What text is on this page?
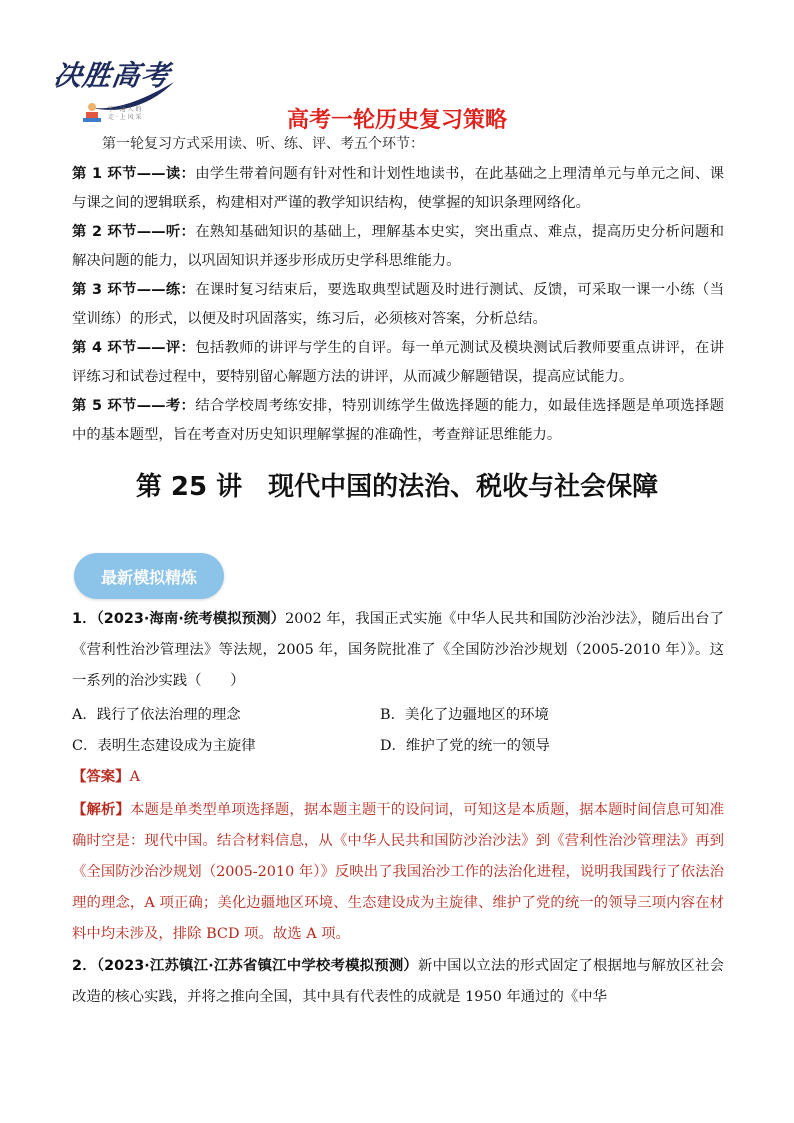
决胜高考
字 · 通 人 的
走 · 上 风 采	高考一轮历史复习策略
第一轮复习方式采用读、听、练、评、考五个环节：

第 1 环节——读：由学生带着问题有针对性和计划性地读书，在此基础之上理清单元与单元之间、课与课之间的逻辑联系，构建相对严谨的教学知识结构，使掌握的知识条理网络化。

第 2 环节——听：在熟知基础知识的基础上，理解基本史实，突出重点、难点，提高历史分析问题和解决问题的能力，以巩固知识并逐步形成历史学科思维能力。

第 3 环节——练：在课时复习结束后，要选取典型试题及时进行测试、反馈，可采取一课一小练（当堂训练）的形式，以便及时巩固落实，练习后，必须核对答案，分析总结。

第 4 环节——评：包括教师的讲评与学生的自评。每一单元测试及模块测试后教师要重点讲评，在讲评练习和试卷过程中，要特别留心解题方法的讲评，从而减少解题错误，提高应试能力。

第 5 环节——考：结合学校周考练安排，特别训练学生做选择题的能力，如最佳选择题是单项选择题中的基本题型，旨在考查对历史知识理解掌握的准确性，考查辩证思维能力。

第 25 讲　现代中国的法治、税收与社会保障
最新模拟精炼
1．（2023·海南·统考模拟预测）2002 年，我国正式实施《中华人民共和国防沙治沙法》，随后出台了《营利性治沙管理法》等法规，2005 年，国务院批准了《全国防沙治沙规划（2005-2010 年）》。这一系列的治沙实践（　　）
A．践行了依法治理的理念	B．美化了边疆地区的环境
C．表明生态建设成为主旋律	D．维护了党的统一的领导
【答案】A
【解析】本题是单类型单项选择题，据本题主题干的设问词，可知这是本质题，据本题时间信息可知准确时空是：现代中国。结合材料信息，从《中华人民共和国防沙治沙法》到《营利性治沙管理法》再到《全国防沙治沙规划（2005-2010 年）》反映出了我国治沙工作的法治化进程，说明我国践行了依法治理的理念，A 项正确；美化边疆地区环境、生态建设成为主旋律、维护了党的统一的领导三项内容在材料中均未涉及，排除 BCD 项。故选 A 项。
2．（2023·江苏镇江·江苏省镇江中学校考模拟预测）新中国以立法的形式固定了根据地与解放区社会改造的核心实践，并将之推向全国，其中具有代表性的成就是 1950 年通过的《中华
